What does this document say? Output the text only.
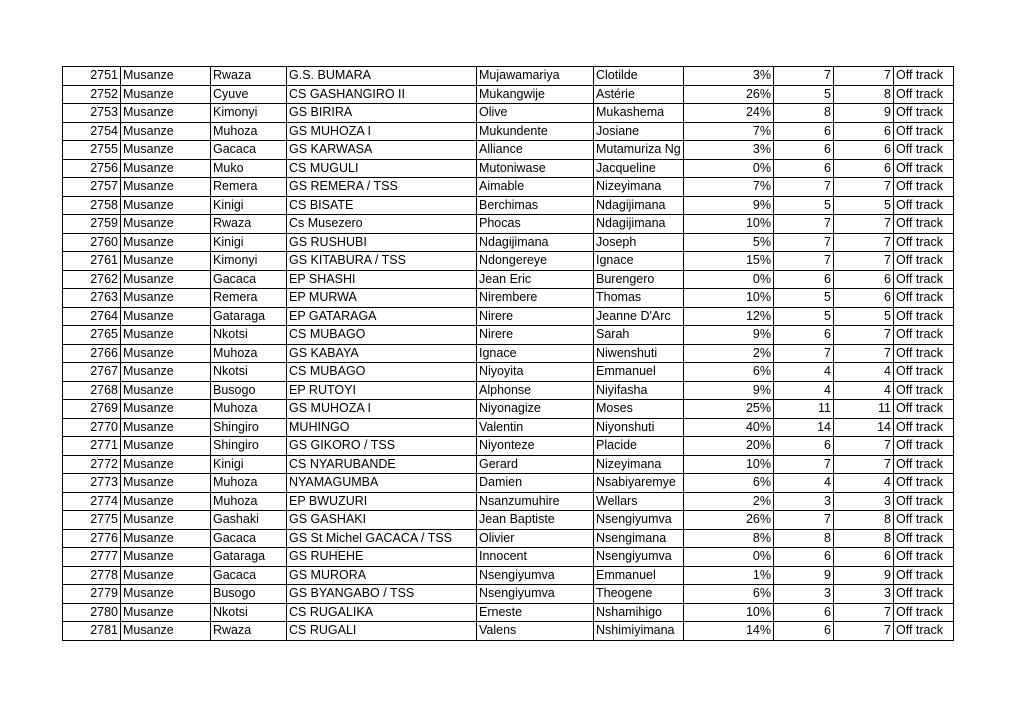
2751	Musanze	Rwaza	G.S. BUMARA	Mujawamariya	Clotilde	3%	7	7	Off track
2752	Musanze	Cyuve	CS GASHANGIRO II	Mukangwije	Astérie	26%	5	8	Off track
2753	Musanze	Kimonyi	GS BIRIRA	Olive	Mukashema	24%	8	9	Off track
2754	Musanze	Muhoza	GS MUHOZA I	Mukundente	Josiane	7%	6	6	Off track
2755	Musanze	Gacaca	GS KARWASA	Alliance	Mutamuriza Ng	3%	6	6	Off track
2756	Musanze	Muko	CS MUGULI	Mutoniwase	Jacqueline	0%	6	6	Off track
2757	Musanze	Remera	GS REMERA / TSS	Aimable	Nizeyimana	7%	7	7	Off track
2758	Musanze	Kinigi	CS BISATE	Berchimas	Ndagijimana	9%	5	5	Off track
2759	Musanze	Rwaza	Cs Musezero	Phocas	Ndagijimana	10%	7	7	Off track
2760	Musanze	Kinigi	GS RUSHUBI	Ndagijimana	Joseph	5%	7	7	Off track
2761	Musanze	Kimonyi	GS KITABURA / TSS	Ndongereye	Ignace	15%	7	7	Off track
2762	Musanze	Gacaca	EP SHASHI	Jean Eric	Burengero	0%	6	6	Off track
2763	Musanze	Remera	EP MURWA	Nirembere	Thomas	10%	5	6	Off track
2764	Musanze	Gataraga	EP GATARAGA	Nirere	Jeanne D'Arc	12%	5	5	Off track
2765	Musanze	Nkotsi	CS MUBAGO	Nirere	Sarah	9%	6	7	Off track
2766	Musanze	Muhoza	GS KABAYA	Ignace	Niwenshuti	2%	7	7	Off track
2767	Musanze	Nkotsi	CS MUBAGO	Niyoyita	Emmanuel	6%	4	4	Off track
2768	Musanze	Busogo	EP RUTOYI	Alphonse	Niyifasha	9%	4	4	Off track
2769	Musanze	Muhoza	GS MUHOZA I	Niyonagize	Moses	25%	11	11	Off track
2770	Musanze	Shingiro	MUHINGO	Valentin	Niyonshuti	40%	14	14	Off track
2771	Musanze	Shingiro	GS GIKORO / TSS	Niyonteze	Placide	20%	6	7	Off track
2772	Musanze	Kinigi	CS NYARUBANDE	Gerard	Nizeyimana	10%	7	7	Off track
2773	Musanze	Muhoza	NYAMAGUMBA	Damien	Nsabiyaremye	6%	4	4	Off track
2774	Musanze	Muhoza	EP BWUZURI	Nsanzumuhire	Wellars	2%	3	3	Off track
2775	Musanze	Gashaki	GS GASHAKI	Jean Baptiste	Nsengiyumva	26%	7	8	Off track
2776	Musanze	Gacaca	GS St Michel GACACA / TSS	Olivier	Nsengimana	8%	8	8	Off track
2777	Musanze	Gataraga	GS RUHEHE	Innocent	Nsengiyumva	0%	6	6	Off track
2778	Musanze	Gacaca	GS MURORA	Nsengiyumva	Emmanuel	1%	9	9	Off track
2779	Musanze	Busogo	GS BYANGABO / TSS	Nsengiyumva	Theogene	6%	3	3	Off track
2780	Musanze	Nkotsi	CS RUGALIKA	Erneste	Nshamihigo	10%	6	7	Off track
2781	Musanze	Rwaza	CS RUGALI	Valens	Nshimiyimana	14%	6	7	Off track
